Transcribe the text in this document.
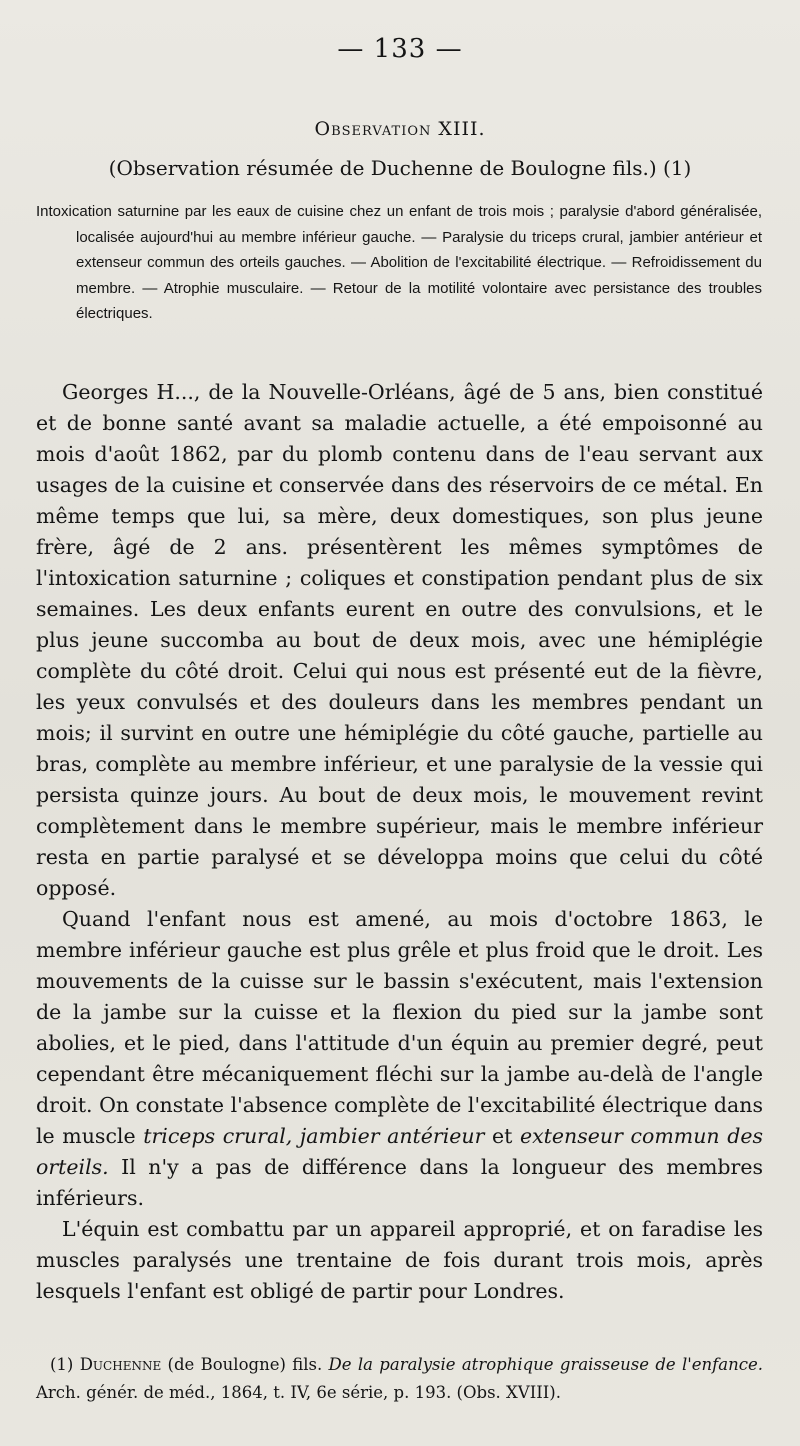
— 133 —
Observation XIII.
(Observation résumée de Duchenne de Boulogne fils.) (1)
Intoxication saturnine par les eaux de cuisine chez un enfant de trois mois ; paralysie d'abord généralisée, localisée aujourd'hui au membre inférieur gauche. — Paralysie du triceps crural, jambier antérieur et extenseur commun des orteils gauches. — Abolition de l'excitabilité électrique. — Refroidissement du membre. — Atrophie musculaire. — Retour de la motilité volontaire avec persistance des troubles électriques.

Georges H..., de la Nouvelle-Orléans, âgé de 5 ans, bien constitué et de bonne santé avant sa maladie actuelle, a été empoisonné au mois d'août 1862, par du plomb contenu dans de l'eau servant aux usages de la cuisine et conservée dans des réservoirs de ce métal. En même temps que lui, sa mère, deux domestiques, son plus jeune frère, âgé de 2 ans. présentèrent les mêmes symptômes de l'intoxication saturnine ; coliques et constipation pendant plus de six semaines. Les deux enfants eurent en outre des convulsions, et le plus jeune succomba au bout de deux mois, avec une hémiplégie complète du côté droit. Celui qui nous est présenté eut de la fièvre, les yeux convulsés et des douleurs dans les membres pendant un mois; il survint en outre une hémiplégie du côté gauche, partielle au bras, complète au membre inférieur, et une paralysie de la vessie qui persista quinze jours. Au bout de deux mois, le mouvement revint complètement dans le membre supérieur, mais le membre inférieur resta en partie paralysé et se développa moins que celui du côté opposé.

Quand l'enfant nous est amené, au mois d'octobre 1863, le membre inférieur gauche est plus grêle et plus froid que le droit. Les mouvements de la cuisse sur le bassin s'exécutent, mais l'extension de la jambe sur la cuisse et la flexion du pied sur la jambe sont abolies, et le pied, dans l'attitude d'un équin au premier degré, peut cependant être mécaniquement fléchi sur la jambe au-delà de l'angle droit. On constate l'absence complète de l'excitabilité électrique dans le muscle triceps crural, jambier antérieur et extenseur commun des orteils. Il n'y a pas de différence dans la longueur des membres inférieurs.

L'équin est combattu par un appareil approprié, et on faradise les muscles paralysés une trentaine de fois durant trois mois, après lesquels l'enfant est obligé de partir pour Londres.

(1) Duchenne (de Boulogne) fils. De la paralysie atrophique graisseuse de l'enfance. Arch. génér. de méd., 1864, t. IV, 6e série, p. 193. (Obs. XVIII).
